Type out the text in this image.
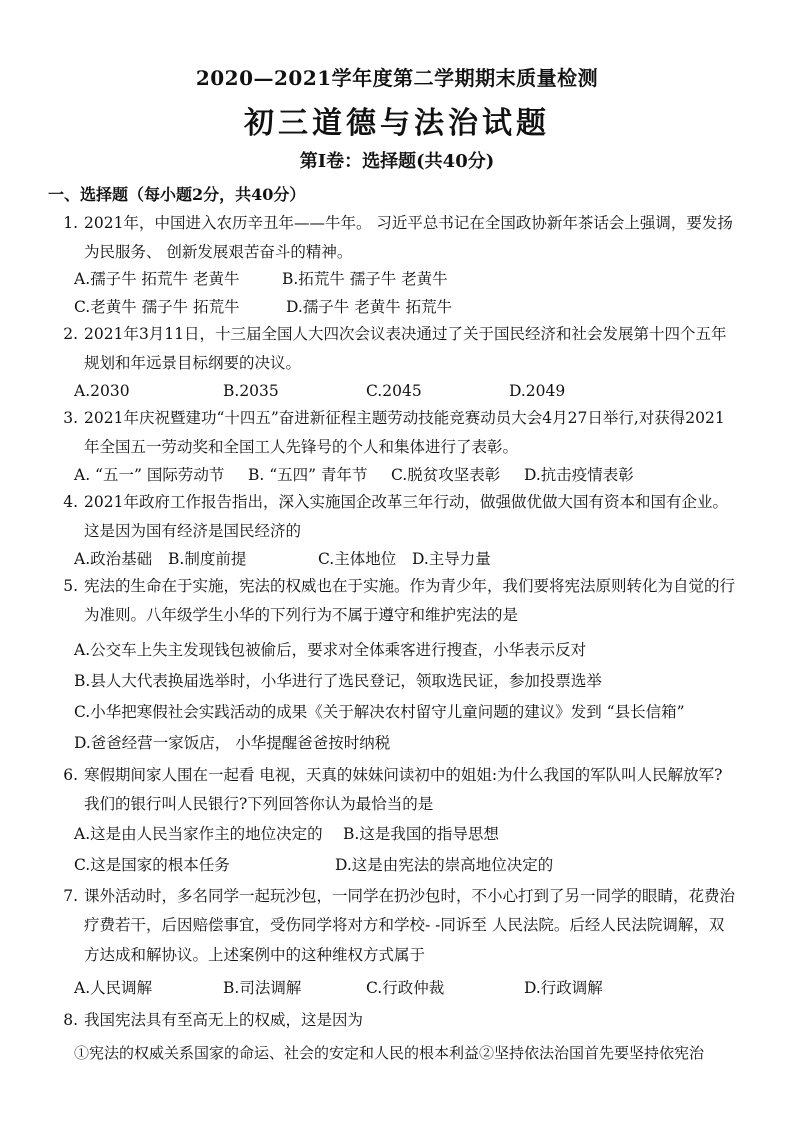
2020—2021学年度第二学期期末质量检测
初三道德与法治试题
第Ⅰ卷：选择题(共40分)
一、选择题（每小题2分，共40分）
1. 2021年，中国进入农历辛丑年——牛年。 习近平总书记在全国政协新年茶话会上强调，要发扬
为民服务、 创新发展艰苦奋斗的精神。
A.孺子牛 拓荒牛 老黄牛	B.拓荒牛 孺子牛 老黄牛
C.老黄牛 孺子牛 拓荒牛	D.孺子牛 老黄牛 拓荒牛
2. 2021年3月11日，十三届全国人大四次会议表决通过了关于国民经济和社会发展第十四个五年
规划和年远景目标纲要的决议。
A.2030	B.2035	C.2045	D.2049
3. 2021年庆祝暨建功“十四五”奋进新征程主题劳动技能竞赛动员大会4月27日举行,对获得2021
年全国五一劳动奖和全国工人先锋号的个人和集体进行了表彰。
A. “五一” 国际劳动节 B. “五四” 青年节 C.脱贫攻坚表彰 D.抗击疫情表彰
4. 2021年政府工作报告指出，深入实施国企改革三年行动，做强做优做大国有资本和国有企业。
这是因为国有经济是国民经济的
A.政治基础 B.制度前提	C.主体地位 D.主导力量
5. 宪法的生命在于实施，宪法的权威也在于实施。作为青少年，我们要将宪法原则转化为自觉的行
为准则。八年级学生小华的下列行为不属于遵守和维护宪法的是
A.公交车上失主发现钱包被偷后，要求对全体乘客进行搜查，小华表示反对
B.县人大代表换届选举时，小华进行了选民登记，领取选民证，参加投票选举
C.小华把寒假社会实践活动的成果《关于解决农村留守儿童问题的建议》发到 “县长信箱”
D.爸爸经营一家饭店， 小华提醒爸爸按时纳税
6. 寒假期间家人围在一起看 电视，天真的妹妹问读初中的姐姐:为什么我国的军队叫人民解放军?
我们的银行叫人民银行?下列回答你认为最恰当的是
A.这是由人民当家作主的地位决定的 B.这是我国的指导思想
C.这是国家的根本任务	D.这是由宪法的崇高地位决定的
7. 课外活动时，多名同学一起玩沙包，一同学在扔沙包时，不小心打到了另一同学的眼睛，花费治
疗费若干，后因赔偿事宜，受伤同学将对方和学校- -同诉至 人民法院。后经人民法院调解，双
方达成和解协议。上述案例中的这种维权方式属于
A.人民调解	B.司法调解	C.行政仲裁	D.行政调解
8. 我国宪法具有至高无上的权威，这是因为
①宪法的权威关系国家的命运、社会的安定和人民的根本利益②坚持依法治国首先要坚持依宪治
